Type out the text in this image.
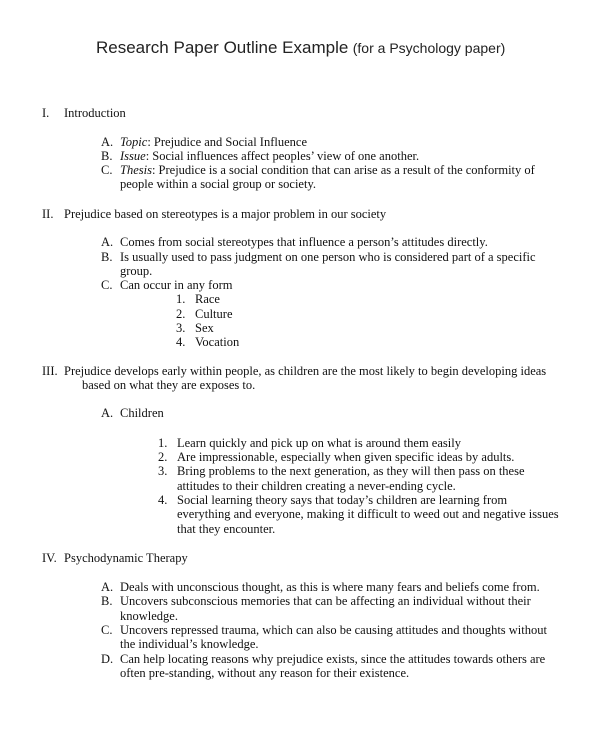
Research Paper Outline Example (for a Psychology paper)
I. Introduction
A. Topic: Prejudice and Social Influence
B. Issue: Social influences affect peoples’ view of one another.
C. Thesis: Prejudice is a social condition that can arise as a result of the conformity of
people within a social group or society.
II. Prejudice based on stereotypes is a major problem in our society
A. Comes from social stereotypes that influence a person’s attitudes directly.
B. Is usually used to pass judgment on one person who is considered part of a specific
group.
C. Can occur in any form
1. Race
2. Culture
3. Sex
4. Vocation
III. Prejudice develops early within people, as children are the most likely to begin developing ideas
based on what they are exposes to.
A. Children
1. Learn quickly and pick up on what is around them easily
2. Are impressionable, especially when given specific ideas by adults.
3. Bring problems to the next generation, as they will then pass on these
attitudes to their children creating a never-ending cycle.
4. Social learning theory says that today’s children are learning from
everything and everyone, making it difficult to weed out and negative issues
that they encounter.
IV. Psychodynamic Therapy
A. Deals with unconscious thought, as this is where many fears and beliefs come from.
B. Uncovers subconscious memories that can be affecting an individual without their
knowledge.
C. Uncovers repressed trauma, which can also be causing attitudes and thoughts without
the individual’s knowledge.
D. Can help locating reasons why prejudice exists, since the attitudes towards others are
often pre-standing, without any reason for their existence.
